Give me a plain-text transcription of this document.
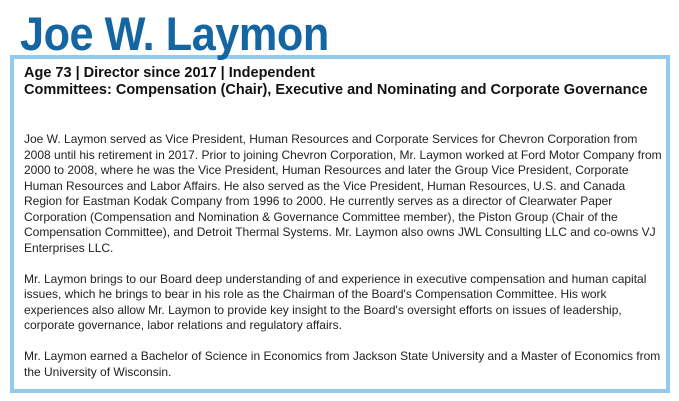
Joe W. Laymon

Age 73 | Director since 2017 | Independent

Committees: Compensation (Chair), Executive and Nominating and Corporate Governance

Joe W. Laymon served as Vice President, Human Resources and Corporate Services for Chevron Corporation from 2008 until his retirement in 2017. Prior to joining Chevron Corporation, Mr. Laymon worked at Ford Motor Company from 2000 to 2008, where he was the Vice President, Human Resources and later the Group Vice President, Corporate Human Resources and Labor Affairs. He also served as the Vice President, Human Resources, U.S. and Canada Region for Eastman Kodak Company from 1996 to 2000. He currently serves as a director of Clearwater Paper Corporation (Compensation and Nomination & Governance Committee member), the Piston Group (Chair of the Compensation Committee), and Detroit Thermal Systems. Mr. Laymon also owns JWL Consulting LLC and co-owns VJ Enterprises LLC.

Mr. Laymon brings to our Board deep understanding of and experience in executive compensation and human capital issues, which he brings to bear in his role as the Chairman of the Board's Compensation Committee. His work experiences also allow Mr. Laymon to provide key insight to the Board's oversight efforts on issues of leadership, corporate governance, labor relations and regulatory affairs.

Mr. Laymon earned a Bachelor of Science in Economics from Jackson State University and a Master of Economics from the University of Wisconsin.
